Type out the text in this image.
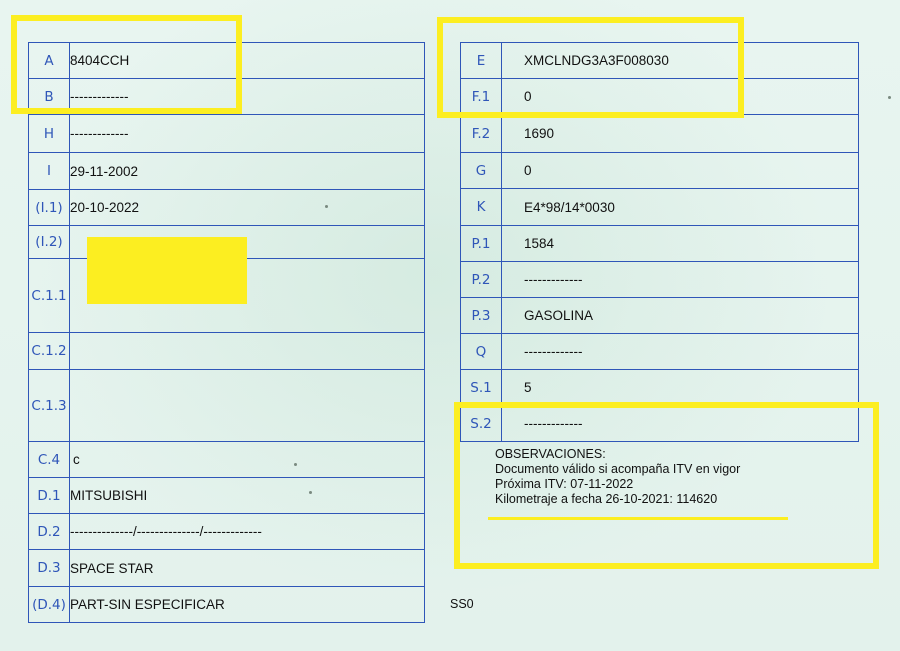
A	8404CCH
B	-------------
H	-------------
I	29-11-2002
(I.1)	20-10-2022
(I.2)	
C.1.1	
C.1.2	
C.1.3	
C.4	c
D.1	MITSUBISHI
D.2	--------------/--------------/-------------
D.3	SPACE STAR
(D.4)	PART-SIN ESPECIFICAR
E	XMCLNDG3A3F008030
F.1	0
F.2	1690
G	0
K	E4*98/14*0030
P.1	1584
P.2	-------------
P.3	GASOLINA
Q	-------------
S.1	5
S.2	-------------
OBSERVACIONES:
Documento válido si acompaña ITV en vigor
Próxima ITV: 07-11-2022
Kilometraje a fecha 26-10-2021: 114620
SS0
